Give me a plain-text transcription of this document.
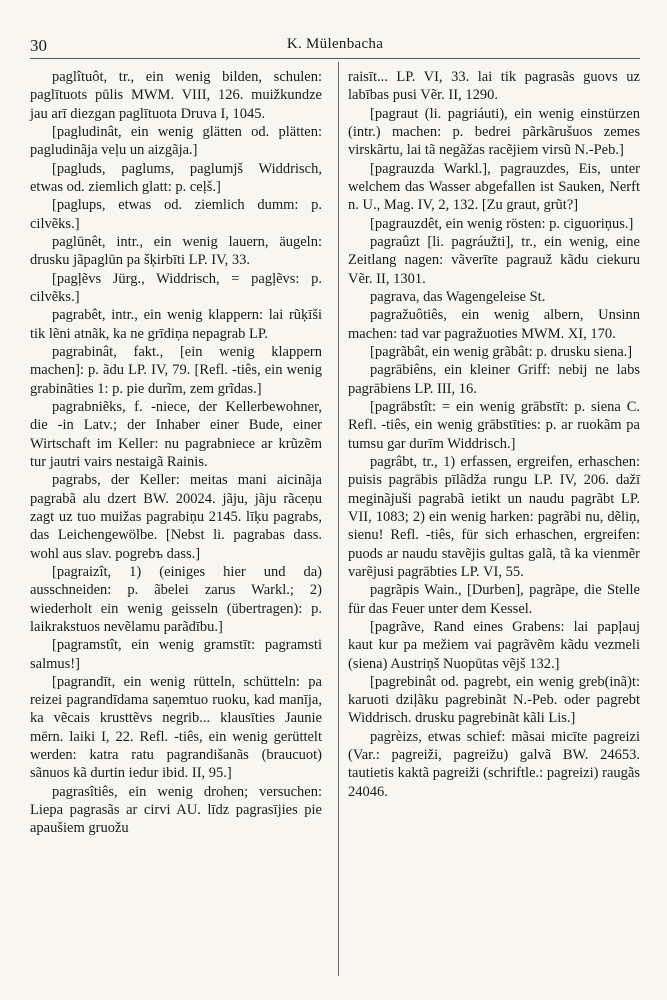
30	K. Mülenbacha

paglîtuôt, tr., ein wenig bilden, schulen: paglītuots pūlis MWM. VIII, 126. muižkundze jau arī diezgan paglītuota Druva I, 1045.

[pagludinât, ein wenig glätten od. plätten: pagludinãja veļu un aizgãja.]

[pagluds, paglums, paglumjš Widdrisch, etwas od. ziemlich glatt: p. ceļš.]

[paglups, etwas od. ziemlich dumm: p. cilvẽks.]

paglūnêt, intr., ein wenig lauern, äugeln: drusku jãpaglūn pa šķirbīti LP. IV, 33.

[pagļẽvs Jürg., Widdrisch, = pagļẽvs: p. cilvẽks.]

pagrabêt, intr., ein wenig klappern: lai rũķīši tik lẽni atnãk, ka ne grīdiņa nepagrab LP.

pagrabinât, fakt., [ein wenig klappern machen]: p. ãdu LP. IV, 79. [Refl. -tiês, ein wenig grabinãties 1: p. pie durĩm, zem grĩdas.]

pagrabniẽks, f. -niece, der Kellerbewohner, die -in Latv.; der Inhaber einer Bude, einer Wirtschaft im Keller: nu pagrabniece ar krũzẽm tur jautri vairs nestaigã Rainis.

pagrabs, der Keller: meitas mani aicinãja pagrabã alu dzert BW. 20024. jãju, jãju rãceņu zagt uz tuo muižas pagrabiņu 2145. līķu pagrabs, das Leichengewölbe. [Nebst li. pagrabas dass. wohl aus slav. pogrebъ dass.]

[pagraizît, 1) (einiges hier und da) ausschneiden: p. ãbelei zarus Warkl.; 2) wiederholt ein wenig geisseln (übertragen): p. laikrakstuos nevẽlamu parãdību.]

[pagramstît, ein wenig gramstīt: pagramsti salmus!]

[pagrandīt, ein wenig rütteln, schütteln: pa reizei pagrandīdama saņemtuo ruoku, kad manīja, ka vẽcais krusttẽvs negrib... klausīties Jaunie mērn. laiki I, 22. Refl. -tiês, ein wenig gerüttelt werden: katra ratu pagrandišanãs (braucuot) sãnuos kã durtin iedur ibid. II, 95.]

pagrasîtiês, ein wenig drohen; versuchen: Liepa pagrasãs ar cirvi AU. līdz pagrasījies pie apaušiem gruožu

raisīt... LP. VI, 33. lai tik pagrasãs guovs uz labības pusi Vẽr. II, 1290.

[pagraut (li. pagriáuti), ein wenig einstürzen (intr.) machen: p. bedrei pãrkãrušuos zemes virskãrtu, lai tã negãžas racẽjiem virsũ N.-Peb.]

[pagrauzda Warkl.], pagrauzdes, Eis, unter welchem das Wasser abgefallen ist Sauken, Nerft n. U., Mag. IV, 2, 132. [Zu graut, grũt?]

[pagrauzdêt, ein wenig rösten: p. ciguoriņus.]

pagraûzt [li. pagráužti], tr., ein wenig, eine Zeitlang nagen: vãverīte pagrauž kãdu ciekuru Vẽr. II, 1301.

pagrava, das Wagengeleise St.

pagražuôtiês, ein wenig albern, Unsinn machen: tad var pagražuoties MWM. XI, 170.

[pagrãbât, ein wenig grãbât: p. drusku siena.]

pagrābiêns, ein kleiner Griff: nebij ne labs pagrābiens LP. III, 16.

[pagrābstît: = ein wenig grābstīt: p. siena C. Refl. -tiês, ein wenig grābstīties: p. ar ruokãm pa tumsu gar durīm Widdrisch.]

pagrâbt, tr., 1) erfassen, ergreifen, erhaschen: puisis pagrābis pīlãdža rungu LP. IV, 206. dažī meginãjuši pagrabã ietikt un naudu pagrãbt LP. VII, 1083; 2) ein wenig harken: pagrãbi nu, dẽliņ, sienu! Refl. -tiês, für sich erhaschen, ergreifen: puods ar naudu stavẽjis gultas galã, tã ka vienmẽr varẽjusi pagrābties LP. VI, 55.

pagrãpis Wain., [Durben], pagrãpe, die Stelle für das Feuer unter dem Kessel.

[pagrãve, Rand eines Grabens: lai papļauj kaut kur pa mežiem vai pagrãvẽm kãdu vezmeli (siena) Austriņš Nuopūtas vẽjš 132.]

[pagrebinât od. pagrebt, ein wenig greb(inã)t: karuoti dziļãku pagrebinãt N.-Peb. oder pagrebt Widdrisch. drusku pagrebinãt kãli Lis.]

pagrèizs, etwas schief: mãsai micīte pagreizi (Var.: pagreiži, pagreižu) galvã BW. 24653. tautietis kaktã pagreiži (schriftle.: pagreizi) raugãs 24046.
